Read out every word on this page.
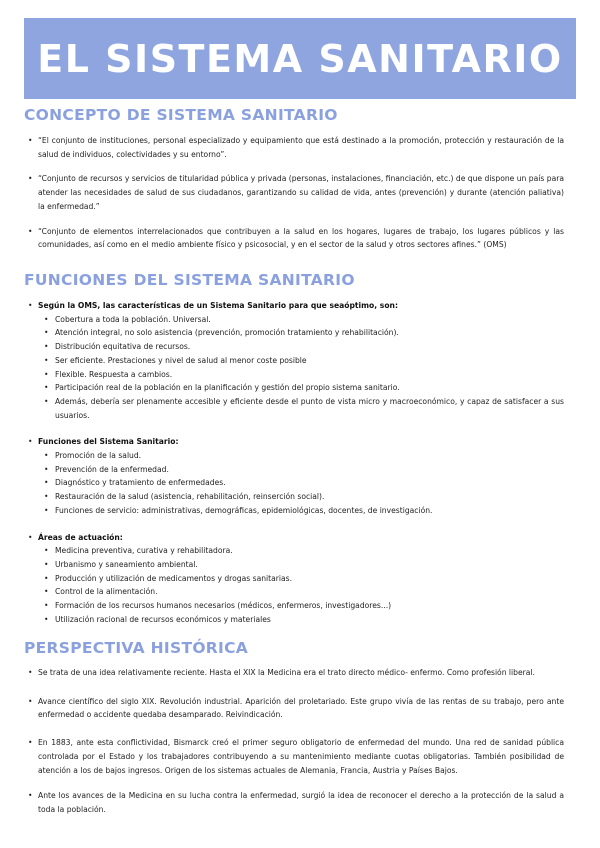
EL SISTEMA SANITARIO
CONCEPTO DE SISTEMA SANITARIO
• “El conjunto de instituciones, personal especializado y equipamiento que está destinado a la promoción, protección y restauración de la salud de individuos, colectividades y su entorno”.
• “Conjunto de recursos y servicios de titularidad pública y privada (personas, instalaciones, financiación, etc.) de que dispone un país para atender las necesidades de salud de sus ciudadanos, garantizando su calidad de vida, antes (prevención) y durante (atención paliativa) la enfermedad.”
• “Conjunto de elementos interrelacionados que contribuyen a la salud en los hogares, lugares de trabajo, los lugares públicos y las comunidades, así como en el medio ambiente físico y psicosocial, y en el sector de la salud y otros sectores afines.” (OMS)
FUNCIONES DEL SISTEMA SANITARIO
• Según la OMS, las características de un Sistema Sanitario para que seaóptimo, son:
• Cobertura a toda la población. Universal.
• Atención integral, no solo asistencia (prevención, promoción tratamiento y rehabilitación).
• Distribución equitativa de recursos.
• Ser eficiente. Prestaciones y nivel de salud al menor coste posible
• Flexible. Respuesta a cambios.
• Participación real de la población en la planificación y gestión del propio sistema sanitario.
• Además, debería ser plenamente accesible y eficiente desde el punto de vista micro y macroeconómico, y capaz de satisfacer a sus usuarios.
• Funciones del Sistema Sanitario:
• Promoción de la salud.
• Prevención de la enfermedad.
• Diagnóstico y tratamiento de enfermedades.
• Restauración de la salud (asistencia, rehabilitación, reinserción social).
• Funciones de servicio: administrativas, demográficas, epidemiológicas, docentes, de investigación.
• Áreas de actuación:
• Medicina preventiva, curativa y rehabilitadora.
• Urbanismo y saneamiento ambiental.
• Producción y utilización de medicamentos y drogas sanitarias.
• Control de la alimentación.
• Formación de los recursos humanos necesarios (médicos, enfermeros, investigadores...)
• Utilización racional de recursos económicos y materiales
PERSPECTIVA HISTÓRICA
• Se trata de una idea relativamente reciente. Hasta el XIX la Medicina era el trato directo médico- enfermo. Como profesión liberal.
• Avance científico del siglo XIX. Revolución industrial. Aparición del proletariado. Este grupo vivía de las rentas de su trabajo, pero ante enfermedad o accidente quedaba desamparado. Reivindicación.
• En 1883, ante esta conflictividad, Bismarck creó el primer seguro obligatorio de enfermedad del mundo. Una red de sanidad pública controlada por el Estado y los trabajadores contribuyendo a su mantenimiento mediante cuotas obligatorias. También posibilidad de atención a los de bajos ingresos. Origen de los sistemas actuales de Alemania, Francia, Austria y Países Bajos.
• Ante los avances de la Medicina en su lucha contra la enfermedad, surgió la idea de reconocer el derecho a la protección de la salud a toda la población.
